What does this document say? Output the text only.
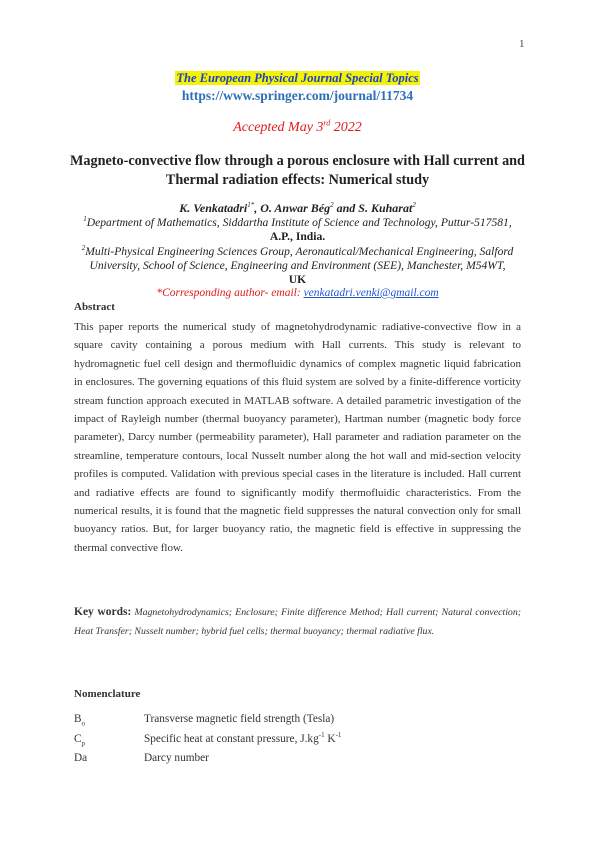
1
The European Physical Journal Special Topics
https://www.springer.com/journal/11734
Accepted May 3rd 2022
Magneto-convective flow through a porous enclosure with Hall current and
Thermal radiation effects: Numerical study
K. Venkatadri$^{1*}$, O. Anwar Bég$^2$ and S. Kuharat$^2$
$^1$Department of Mathematics, Siddartha Institute of Science and Technology, Puttur-517581,
A.P., India.
$^2$Multi-Physical Engineering Sciences Group, Aeronautical/Mechanical Engineering, Salford
University, School of Science, Engineering and Environment (SEE), Manchester, M54WT,
UK
*Corresponding author- email: venkatadri.venki@gmail.com
Abstract
This paper reports the numerical study of magnetohydrodynamic radiative-convective flow in a square cavity containing a porous medium with Hall currents. This study is relevant to hydromagnetic fuel cell design and thermofluidic dynamics of complex magnetic liquid fabrication in enclosures. The governing equations of this fluid system are solved by a finite-difference vorticity stream function approach executed in MATLAB software. A detailed parametric investigation of the impact of Rayleigh number (thermal buoyancy parameter), Hartman number (magnetic body force parameter), Darcy number (permeability parameter), Hall parameter and radiation parameter on the streamline, temperature contours, local Nusselt number along the hot wall and mid-section velocity profiles is computed. Validation with previous special cases in the literature is included. Hall current and radiative effects are found to significantly modify thermofluidic characteristics. From the numerical results, it is found that the magnetic field suppresses the natural convection only for small buoyancy ratios. But, for larger buoyancy ratio, the magnetic field is effective in suppressing the thermal convective flow.
Key words: Magnetohydrodynamics; Enclosure; Finite difference Method; Hall current; Natural convection; Heat Transfer; Nusselt number; hybrid fuel cells; thermal buoyancy; thermal radiative flux.
Nomenclature
$B_o$	Transverse magnetic field strength (Tesla)
$C_p$	Specific heat at constant pressure, $J.kg^{-1}$ $K^{-1}$
Da	Darcy number
